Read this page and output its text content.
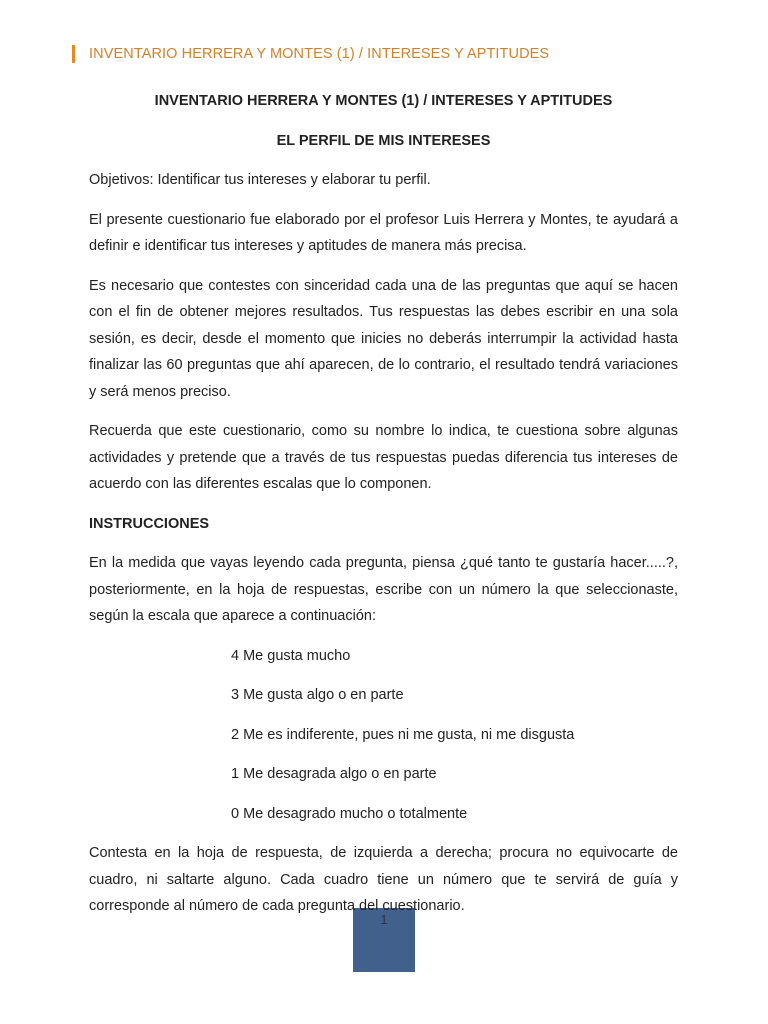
INVENTARIO HERRERA Y MONTES (1) / INTERESES Y APTITUDES

INVENTARIO HERRERA Y MONTES (1) / INTERESES Y APTITUDES

EL PERFIL DE MIS INTERESES

Objetivos: Identificar tus intereses y elaborar tu perfil.

El presente cuestionario fue elaborado por el profesor Luis Herrera y Montes, te ayudará a definir e identificar tus intereses y aptitudes de manera más precisa.

Es necesario que contestes con sinceridad cada una de las preguntas que aquí se hacen con el fin de obtener mejores resultados. Tus respuestas las debes escribir en una sola sesión, es decir, desde el momento que inicies no deberás interrumpir la actividad hasta finalizar las 60 preguntas que ahí aparecen, de lo contrario, el resultado tendrá variaciones y será menos preciso.

Recuerda que este cuestionario, como su nombre lo indica, te cuestiona sobre algunas actividades y pretende que a través de tus respuestas puedas diferencia tus intereses de acuerdo con las diferentes escalas que lo componen.

INSTRUCCIONES

En la medida que vayas leyendo cada pregunta, piensa ¿qué tanto te gustaría hacer.....?, posteriormente, en la hoja de respuestas, escribe con un número la que seleccionaste, según la escala que aparece a continuación:

4 Me gusta mucho
3 Me gusta algo o en parte
2 Me es indiferente, pues ni me gusta, ni me disgusta
1 Me desagrada algo o en parte
0 Me desagrado mucho o totalmente

Contesta en la hoja de respuesta, de izquierda a derecha; procura no equivocarte de cuadro, ni saltarte alguno. Cada cuadro tiene un número que te servirá de guía y corresponde al número de cada pregunta del cuestionario.

1
